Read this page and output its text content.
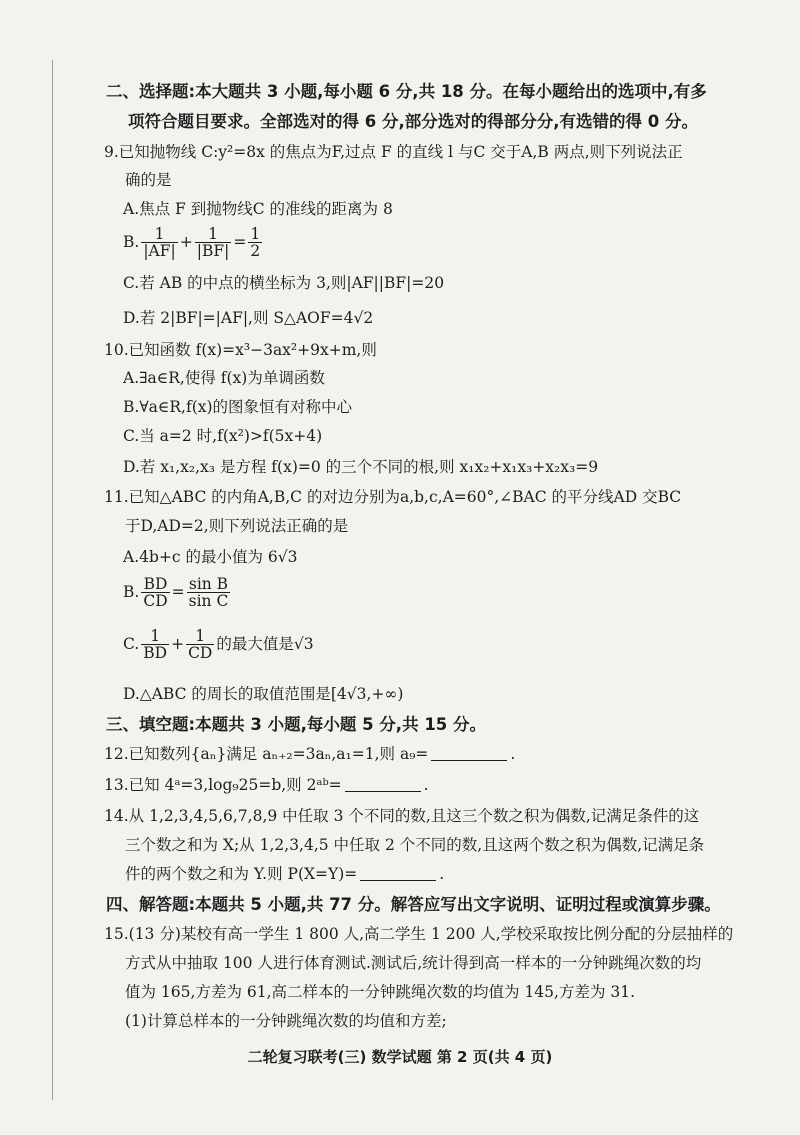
二、选择题:本大题共 3 小题,每小题 6 分,共 18 分。在每小题给出的选项中,有多
项符合题目要求。全部选对的得 6 分,部分选对的得部分分,有选错的得 0 分。
9.已知抛物线 C:y²=8x 的焦点为F,过点 F 的直线 l 与C 交于A,B 两点,则下列说法正
确的是
A.焦点 F 到抛物线C 的准线的距离为 8
B. $\frac{1}{|AF|} + \frac{1}{|BF|} = \frac{1}{2}$
C.若 AB 的中点的横坐标为 3,则|AF||BF|=20
D.若 2|BF|=|AF|,则 S△AOF=4√2
10.已知函数 f(x)=x³−3ax²+9x+m,则
A.∃a∈R,使得 f(x)为单调函数
B.∀a∈R,f(x)的图象恒有对称中心
C.当 a=2 时,f(x²)>f(5x+4)
D.若 x₁,x₂,x₃ 是方程 f(x)=0 的三个不同的根,则 x₁x₂+x₁x₃+x₂x₃=9
11.已知△ABC 的内角A,B,C 的对边分别为a,b,c,A=60°,∠BAC 的平分线AD 交BC
于D,AD=2,则下列说法正确的是
A.4b+c 的最小值为 6√3
B. $\frac{BD}{CD} = \frac{\text{sin B}}{\text{sin C}}$
C. $\frac{1}{BD} + \frac{1}{CD}$ 的最大值是√3
D.△ABC 的周长的取值范围是[4√3,+∞)
三、填空题:本题共 3 小题,每小题 5 分,共 15 分。
12.已知数列{aₙ}满足 aₙ₊₂=3aₙ,a₁=1,则 a₉=	.
13.已知 4ᵃ=3,log₉25=b,则 2ᵃᵇ=	.
14.从 1,2,3,4,5,6,7,8,9 中任取 3 个不同的数,且这三个数之积为偶数,记满足条件的这
三个数之和为 X;从 1,2,3,4,5 中任取 2 个不同的数,且这两个数之积为偶数,记满足条
件的两个数之和为 Y.则 P(X=Y)=	.
四、解答题:本题共 5 小题,共 77 分。解答应写出文字说明、证明过程或演算步骤。
15.(13 分)某校有高一学生 1 800 人,高二学生 1 200 人,学校采取按比例分配的分层抽样的
方式从中抽取 100 人进行体育测试.测试后,统计得到高一样本的一分钟跳绳次数的均
值为 165,方差为 61,高二样本的一分钟跳绳次数的均值为 145,方差为 31.
(1)计算总样本的一分钟跳绳次数的均值和方差;
二轮复习联考(三) 数学试题 第 2 页(共 4 页)
